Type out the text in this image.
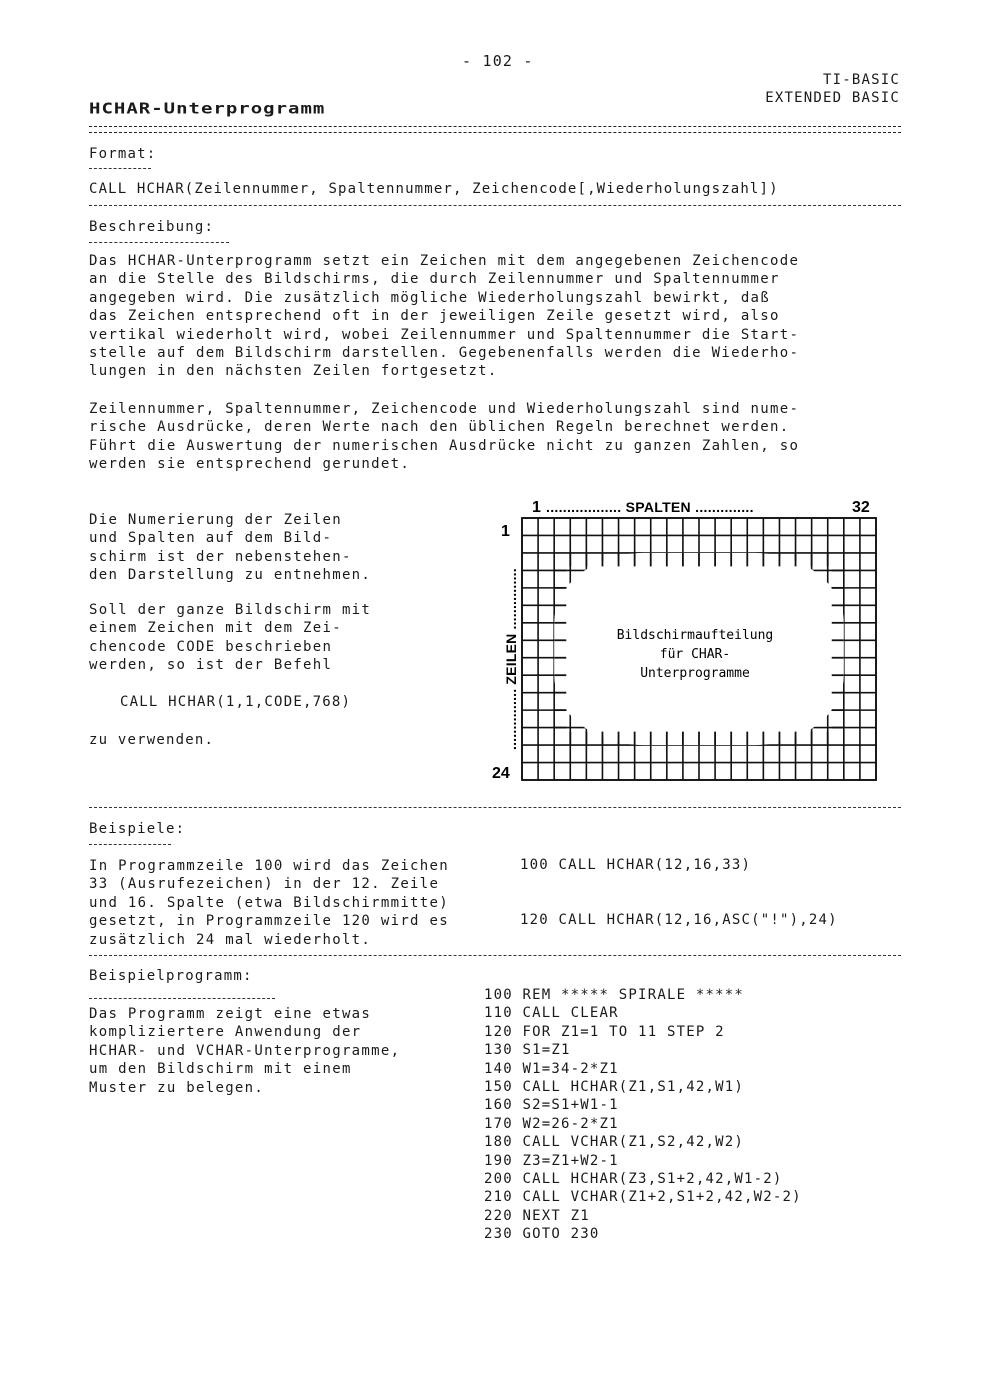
- 102 -
TI-BASIC
EXTENDED BASIC
HCHAR-Unterprogramm
Format:
CALL HCHAR(Zeilennummer, Spaltennummer, Zeichencode[,Wiederholungszahl])
Beschreibung:
Das HCHAR-Unterprogramm setzt ein Zeichen mit dem angegebenen Zeichencode
an die Stelle des Bildschirms, die durch Zeilennummer und Spaltennummer
angegeben wird. Die zusätzlich mögliche Wiederholungszahl bewirkt, daß
das Zeichen entsprechend oft in der jeweiligen Zeile gesetzt wird, also
vertikal wiederholt wird, wobei Zeilennummer und Spaltennummer die Start-
stelle auf dem Bildschirm darstellen. Gegebenenfalls werden die Wiederho-
lungen in den nächsten Zeilen fortgesetzt.
Zeilennummer, Spaltennummer, Zeichencode und Wiederholungszahl sind nume-
rische Ausdrücke, deren Werte nach den üblichen Regeln berechnet werden.
Führt die Auswertung der numerischen Ausdrücke nicht zu ganzen Zahlen, so
werden sie entsprechend gerundet.
Die Numerierung der Zeilen
und Spalten auf dem Bild-
schirm ist der nebenstehen-
den Darstellung zu entnehmen.
Soll der ganze Bildschirm mit
einem Zeichen mit dem Zei-
chencode CODE beschrieben
werden, so ist der Befehl
CALL HCHAR(1,1,CODE,768)
zu verwenden.
1 .................. SPALTEN ..............	32
1
............... ZEILEN ...............
24
Bildschirmaufteilung
für CHAR-
Unterprogramme
Beispiele:
In Programmzeile 100 wird das Zeichen
33 (Ausrufezeichen) in der 12. Zeile
und 16. Spalte (etwa Bildschirmmitte)
gesetzt, in Programmzeile 120 wird es
zusätzlich 24 mal wiederholt.
100 CALL HCHAR(12,16,33)
120 CALL HCHAR(12,16,ASC("!"),24)
Beispielprogramm:
Das Programm zeigt eine etwas
kompliziertere Anwendung der
HCHAR- und VCHAR-Unterprogramme,
um den Bildschirm mit einem
Muster zu belegen.
100 REM ***** SPIRALE *****
110 CALL CLEAR
120 FOR Z1=1 TO 11 STEP 2
130 S1=Z1
140 W1=34-2*Z1
150 CALL HCHAR(Z1,S1,42,W1)
160 S2=S1+W1-1
170 W2=26-2*Z1
180 CALL VCHAR(Z1,S2,42,W2)
190 Z3=Z1+W2-1
200 CALL HCHAR(Z3,S1+2,42,W1-2)
210 CALL VCHAR(Z1+2,S1+2,42,W2-2)
220 NEXT Z1
230 GOTO 230
